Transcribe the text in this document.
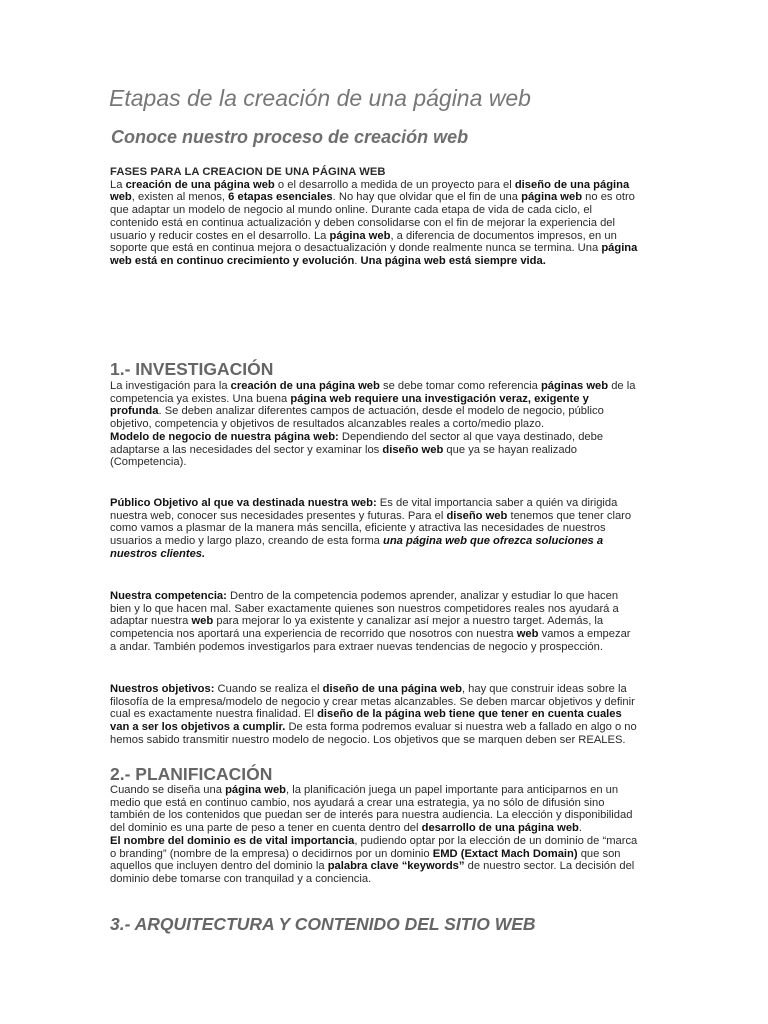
Etapas de la creación de una página web
Conoce nuestro proceso de creación web
FASES PARA LA CREACION DE UNA PÁGINA WEB
La creación de una página web o el desarrollo a medida de un proyecto para el diseño de una página
web, existen al menos, 6 etapas esenciales. No hay que olvidar que el fin de una página web no es otro
que adaptar un modelo de negocio al mundo online. Durante cada etapa de vida de cada ciclo, el
contenido está en continua actualización y deben consolidarse con el fin de mejorar la experiencia del
usuario y reducir costes en el desarrollo. La página web, a diferencia de documentos impresos, en un
soporte que está en continua mejora o desactualización y donde realmente nunca se termina. Una página
web está en continuo crecimiento y evolución. Una página web está siempre vida.
1.- INVESTIGACIÓN
La investigación para la creación de una página web se debe tomar como referencia páginas web de la
competencia ya existes. Una buena página web requiere una investigación veraz, exigente y
profunda. Se deben analizar diferentes campos de actuación, desde el modelo de negocio, público
objetivo, competencia y objetivos de resultados alcanzables reales a corto/medio plazo.
Modelo de negocio de nuestra página web: Dependiendo del sector al que vaya destinado, debe
adaptarse a las necesidades del sector y examinar los diseño web que ya se hayan realizado
(Competencia).
Público Objetivo al que va destinada nuestra web: Es de vital importancia saber a quién va dirigida
nuestra web, conocer sus necesidades presentes y futuras. Para el diseño web tenemos que tener claro
como vamos a plasmar de la manera más sencilla, eficiente y atractiva las necesidades de nuestros
usuarios a medio y largo plazo, creando de esta forma una página web que ofrezca soluciones a
nuestros clientes.
Nuestra competencia: Dentro de la competencia podemos aprender, analizar y estudiar lo que hacen
bien y lo que hacen mal. Saber exactamente quienes son nuestros competidores reales nos ayudará a
adaptar nuestra web para mejorar lo ya existente y canalizar así mejor a nuestro target. Además, la
competencia nos aportará una experiencia de recorrido que nosotros con nuestra web vamos a empezar
a andar. También podemos investigarlos para extraer nuevas tendencias de negocio y prospección.
Nuestros objetivos: Cuando se realiza el diseño de una página web, hay que construir ideas sobre la
filosofía de la empresa/modelo de negocio y crear metas alcanzables. Se deben marcar objetivos y definir
cual es exactamente nuestra finalidad. El diseño de la página web tiene que tener en cuenta cuales
van a ser los objetivos a cumplir. De esta forma podremos evaluar si nuestra web a fallado en algo o no
hemos sabido transmitir nuestro modelo de negocio. Los objetivos que se marquen deben ser REALES.
2.- PLANIFICACIÓN
Cuando se diseña una página web, la planificación juega un papel importante para anticiparnos en un
medio que está en continuo cambio, nos ayudará a crear una estrategia, ya no sólo de difusión sino
también de los contenidos que puedan ser de interés para nuestra audiencia. La elección y disponibilidad
del dominio es una parte de peso a tener en cuenta dentro del desarrollo de una página web.
El nombre del dominio es de vital importancia, pudiendo optar por la elección de un dominio de “marca
o branding” (nombre de la empresa) o decidirnos por un dominio EMD (Extact Mach Domain) que son
aquellos que incluyen dentro del dominio la palabra clave “keywords” de nuestro sector. La decisión del
dominio debe tomarse con tranquilad y a conciencia.
3.- ARQUITECTURA Y CONTENIDO DEL SITIO WEB
